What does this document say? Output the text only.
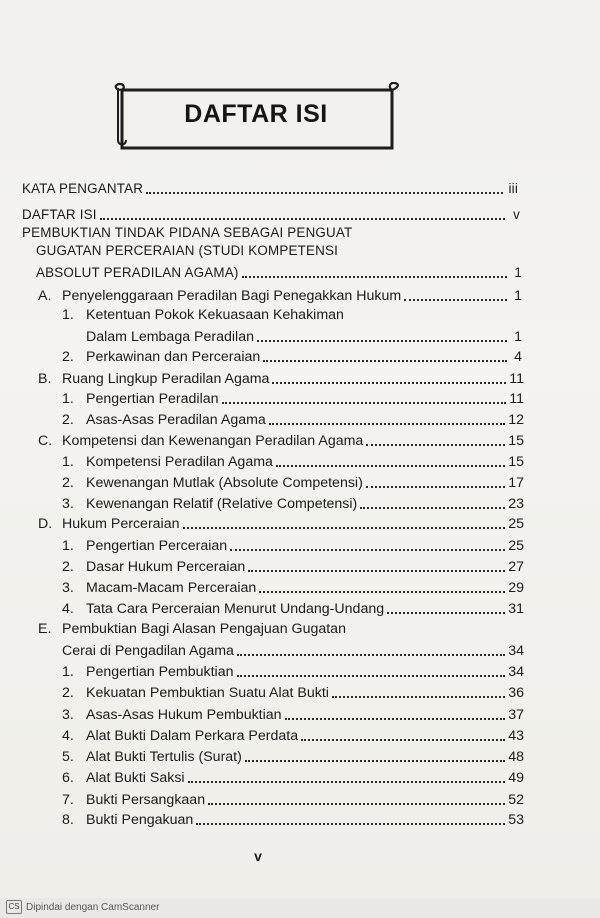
DAFTAR ISI
KATA PENGANTAR	iii
DAFTAR ISI	v
PEMBUKTIAN TINDAK PIDANA SEBAGAI PENGUAT
GUGATAN PERCERAIAN (STUDI KOMPETENSI
ABSOLUT PERADILAN AGAMA)	1
A. Penyelenggaraan Peradilan Bagi Penegakkan Hukum	1
1. Ketentuan Pokok Kekuasaan Kehakiman
Dalam Lembaga Peradilan	1
2. Perkawinan dan Perceraian	4
B. Ruang Lingkup Peradilan Agama	11
1. Pengertian Peradilan	11
2. Asas-Asas Peradilan Agama	12
C. Kompetensi dan Kewenangan Peradilan Agama	15
1. Kompetensi Peradilan Agama	15
2. Kewenangan Mutlak (Absolute Competensi)	17
3. Kewenangan Relatif (Relative Competensi)	23
D. Hukum Perceraian	25
1. Pengertian Perceraian	25
2. Dasar Hukum Perceraian	27
3. Macam-Macam Perceraian	29
4. Tata Cara Perceraian Menurut Undang-Undang	31
E. Pembuktian Bagi Alasan Pengajuan Gugatan
Cerai di Pengadilan Agama	34
1. Pengertian Pembuktian	34
2. Kekuatan Pembuktian Suatu Alat Bukti	36
3. Asas-Asas Hukum Pembuktian	37
4. Alat Bukti Dalam Perkara Perdata	43
5. Alat Bukti Tertulis (Surat)	48
6. Alat Bukti Saksi	49
7. Bukti Persangkaan	52
8. Bukti Pengakuan	53
v
CS Dipindai dengan CamScanner
